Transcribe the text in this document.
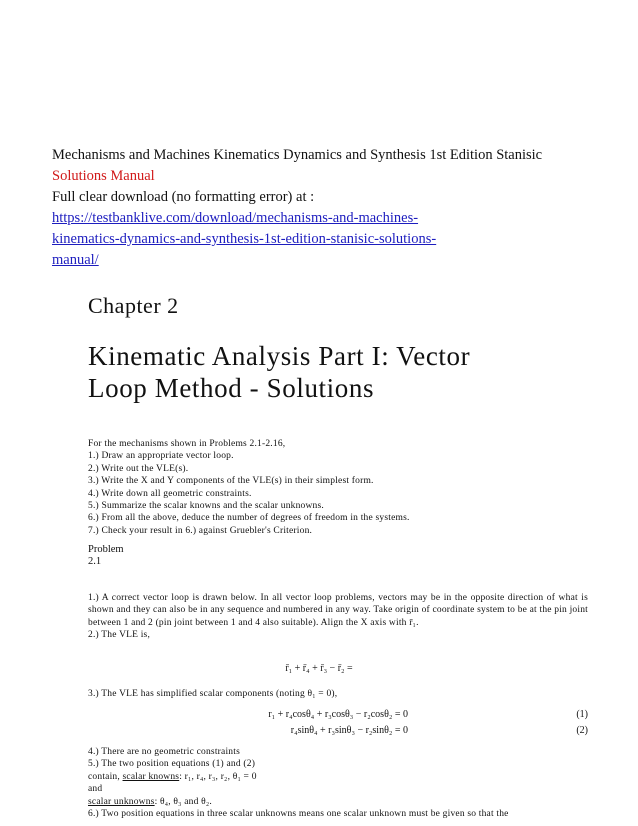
Mechanisms and Machines Kinematics Dynamics and Synthesis 1st Edition Stanisic
Solutions Manual
Full clear download (no formatting error) at :
https://testbanklive.com/download/mechanisms-and-machines-
kinematics-dynamics-and-synthesis-1st-edition-stanisic-solutions-
manual/
Chapter 2
Kinematic Analysis Part I: Vector
Loop Method - Solutions
For the mechanisms shown in Problems 2.1-2.16,
1.) Draw an appropriate vector loop.
2.) Write out the VLE(s).
3.) Write the X and Y components of the VLE(s) in their simplest form.
4.) Write down all geometric constraints.
5.) Summarize the scalar knowns and the scalar unknowns.
6.) From all the above, deduce the number of degrees of freedom in the systems.
7.) Check your result in 6.) against Gruebler's Criterion.
Problem
2.1
1.) A correct vector loop is drawn below. In all vector loop problems, vectors may be in the opposite direction of what is shown and they can also be in any sequence and numbered in any way. Take origin of coordinate system to be at the pin joint between 1 and 2 (pin joint between 1 and 4 also suitable). Align the X axis with r̄₁.
2.) The VLE is,
r̄₁ + r̄₄ + r̄₃ − r̄₂ =
3.) The VLE has simplified scalar components (noting θ₁ = 0),
r₁ + r₄cosθ₄ + r₃cosθ₃ − r₂cosθ₂ = 0	(1)
r₄sinθ₄ + r₃sinθ₃ − r₂sinθ₂ = 0	(2)
4.) There are no geometric constraints
5.) The two position equations (1) and (2)
contain, scalar knowns: r₁, r₄, r₃, r₂, θ₁ = 0
and
scalar unknowns: θ₄, θ₃ and θ₂.
6.) Two position equations in three scalar unknowns means one scalar unknown must be given so that the
